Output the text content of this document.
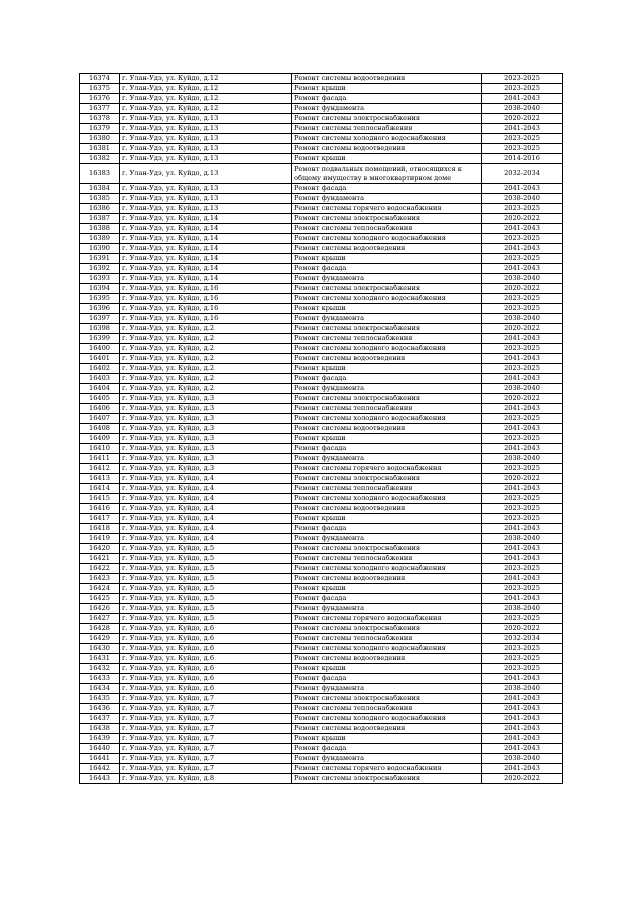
16374	г. Улан-Удэ, ул. Куйдо, д.12	Ремонт системы водоотведения	2023-2025
16375	г. Улан-Удэ, ул. Куйдо, д.12	Ремонт крыши	2023-2025
16376	г. Улан-Удэ, ул. Куйдо, д.12	Ремонт фасада	2041-2043
16377	г. Улан-Удэ, ул. Куйдо, д.12	Ремонт фундамента	2038-2040
16378	г. Улан-Удэ, ул. Куйдо, д.13	Ремонт системы электроснабжения	2020-2022
16379	г. Улан-Удэ, ул. Куйдо, д.13	Ремонт системы теплоснабжения	2041-2043
16380	г. Улан-Удэ, ул. Куйдо, д.13	Ремонт системы холодного водоснабжения	2023-2025
16381	г. Улан-Удэ, ул. Куйдо, д.13	Ремонт системы водоотведения	2023-2025
16382	г. Улан-Удэ, ул. Куйдо, д.13	Ремонт крыши	2014-2016
16383	г. Улан-Удэ, ул. Куйдо, д.13	Ремонт подвальных помещений, относящихся к общему имуществу в многоквартирном доме	2032-2034
16384	г. Улан-Удэ, ул. Куйдо, д.13	Ремонт фасада	2041-2043
16385	г. Улан-Удэ, ул. Куйдо, д.13	Ремонт фундамента	2038-2040
16386	г. Улан-Удэ, ул. Куйдо, д.13	Ремонт системы горячего водоснабжения	2023-2025
16387	г. Улан-Удэ, ул. Куйдо, д.14	Ремонт системы электроснабжения	2020-2022
16388	г. Улан-Удэ, ул. Куйдо, д.14	Ремонт системы теплоснабжения	2041-2043
16389	г. Улан-Удэ, ул. Куйдо, д.14	Ремонт системы холодного водоснабжения	2023-2025
16390	г. Улан-Удэ, ул. Куйдо, д.14	Ремонт системы водоотведения	2041-2043
16391	г. Улан-Удэ, ул. Куйдо, д.14	Ремонт крыши	2023-2025
16392	г. Улан-Удэ, ул. Куйдо, д.14	Ремонт фасада	2041-2043
16393	г. Улан-Удэ, ул. Куйдо, д.14	Ремонт фундамента	2038-2040
16394	г. Улан-Удэ, ул. Куйдо, д.16	Ремонт системы электроснабжения	2020-2022
16395	г. Улан-Удэ, ул. Куйдо, д.16	Ремонт системы холодного водоснабжения	2023-2025
16396	г. Улан-Удэ, ул. Куйдо, д.16	Ремонт крыши	2023-2025
16397	г. Улан-Удэ, ул. Куйдо, д.16	Ремонт фундамента	2038-2040
16398	г. Улан-Удэ, ул. Куйдо, д.2	Ремонт системы электроснабжения	2020-2022
16399	г. Улан-Удэ, ул. Куйдо, д.2	Ремонт системы теплоснабжения	2041-2043
16400	г. Улан-Удэ, ул. Куйдо, д.2	Ремонт системы холодного водоснабжения	2023-2025
16401	г. Улан-Удэ, ул. Куйдо, д.2	Ремонт системы водоотведения	2041-2043
16402	г. Улан-Удэ, ул. Куйдо, д.2	Ремонт крыши	2023-2025
16403	г. Улан-Удэ, ул. Куйдо, д.2	Ремонт фасада	2041-2043
16404	г. Улан-Удэ, ул. Куйдо, д.2	Ремонт фундамента	2038-2040
16405	г. Улан-Удэ, ул. Куйдо, д.3	Ремонт системы электроснабжения	2020-2022
16406	г. Улан-Удэ, ул. Куйдо, д.3	Ремонт системы теплоснабжения	2041-2043
16407	г. Улан-Удэ, ул. Куйдо, д.3	Ремонт системы холодного водоснабжения	2023-2025
16408	г. Улан-Удэ, ул. Куйдо, д.3	Ремонт системы водоотведения	2041-2043
16409	г. Улан-Удэ, ул. Куйдо, д.3	Ремонт крыши	2023-2025
16410	г. Улан-Удэ, ул. Куйдо, д.3	Ремонт фасада	2041-2043
16411	г. Улан-Удэ, ул. Куйдо, д.3	Ремонт фундамента	2038-2040
16412	г. Улан-Удэ, ул. Куйдо, д.3	Ремонт системы горячего водоснабжения	2023-2025
16413	г. Улан-Удэ, ул. Куйдо, д.4	Ремонт системы электроснабжения	2020-2022
16414	г. Улан-Удэ, ул. Куйдо, д.4	Ремонт системы теплоснабжения	2041-2043
16415	г. Улан-Удэ, ул. Куйдо, д.4	Ремонт системы холодного водоснабжения	2023-2025
16416	г. Улан-Удэ, ул. Куйдо, д.4	Ремонт системы водоотведения	2023-2025
16417	г. Улан-Удэ, ул. Куйдо, д.4	Ремонт крыши	2023-2025
16418	г. Улан-Удэ, ул. Куйдо, д.4	Ремонт фасада	2041-2043
16419	г. Улан-Удэ, ул. Куйдо, д.4	Ремонт фундамента	2038-2040
16420	г. Улан-Удэ, ул. Куйдо, д.5	Ремонт системы электроснабжения	2041-2043
16421	г. Улан-Удэ, ул. Куйдо, д.5	Ремонт системы теплоснабжения	2041-2043
16422	г. Улан-Удэ, ул. Куйдо, д.5	Ремонт системы холодного водоснабжения	2023-2025
16423	г. Улан-Удэ, ул. Куйдо, д.5	Ремонт системы водоотведения	2041-2043
16424	г. Улан-Удэ, ул. Куйдо, д.5	Ремонт крыши	2023-2025
16425	г. Улан-Удэ, ул. Куйдо, д.5	Ремонт фасада	2041-2043
16426	г. Улан-Удэ, ул. Куйдо, д.5	Ремонт фундамента	2038-2040
16427	г. Улан-Удэ, ул. Куйдо, д.5	Ремонт системы горячего водоснабжения	2023-2025
16428	г. Улан-Удэ, ул. Куйдо, д.6	Ремонт системы электроснабжения	2020-2022
16429	г. Улан-Удэ, ул. Куйдо, д.6	Ремонт системы теплоснабжения	2032-2034
16430	г. Улан-Удэ, ул. Куйдо, д.6	Ремонт системы холодного водоснабжения	2023-2025
16431	г. Улан-Удэ, ул. Куйдо, д.6	Ремонт системы водоотведения	2023-2025
16432	г. Улан-Удэ, ул. Куйдо, д.6	Ремонт крыши	2023-2025
16433	г. Улан-Удэ, ул. Куйдо, д.6	Ремонт фасада	2041-2043
16434	г. Улан-Удэ, ул. Куйдо, д.6	Ремонт фундамента	2038-2040
16435	г. Улан-Удэ, ул. Куйдо, д.7	Ремонт системы электроснабжения	2041-2043
16436	г. Улан-Удэ, ул. Куйдо, д.7	Ремонт системы теплоснабжения	2041-2043
16437	г. Улан-Удэ, ул. Куйдо, д.7	Ремонт системы холодного водоснабжения	2041-2043
16438	г. Улан-Удэ, ул. Куйдо, д.7	Ремонт системы водоотведения	2041-2043
16439	г. Улан-Удэ, ул. Куйдо, д.7	Ремонт крыши	2041-2043
16440	г. Улан-Удэ, ул. Куйдо, д.7	Ремонт фасада	2041-2043
16441	г. Улан-Удэ, ул. Куйдо, д.7	Ремонт фундамента	2038-2040
16442	г. Улан-Удэ, ул. Куйдо, д.7	Ремонт системы горячего водоснабжения	2041-2043
16443	г. Улан-Удэ, ул. Куйдо, д.8	Ремонт системы электроснабжения	2020-2022
